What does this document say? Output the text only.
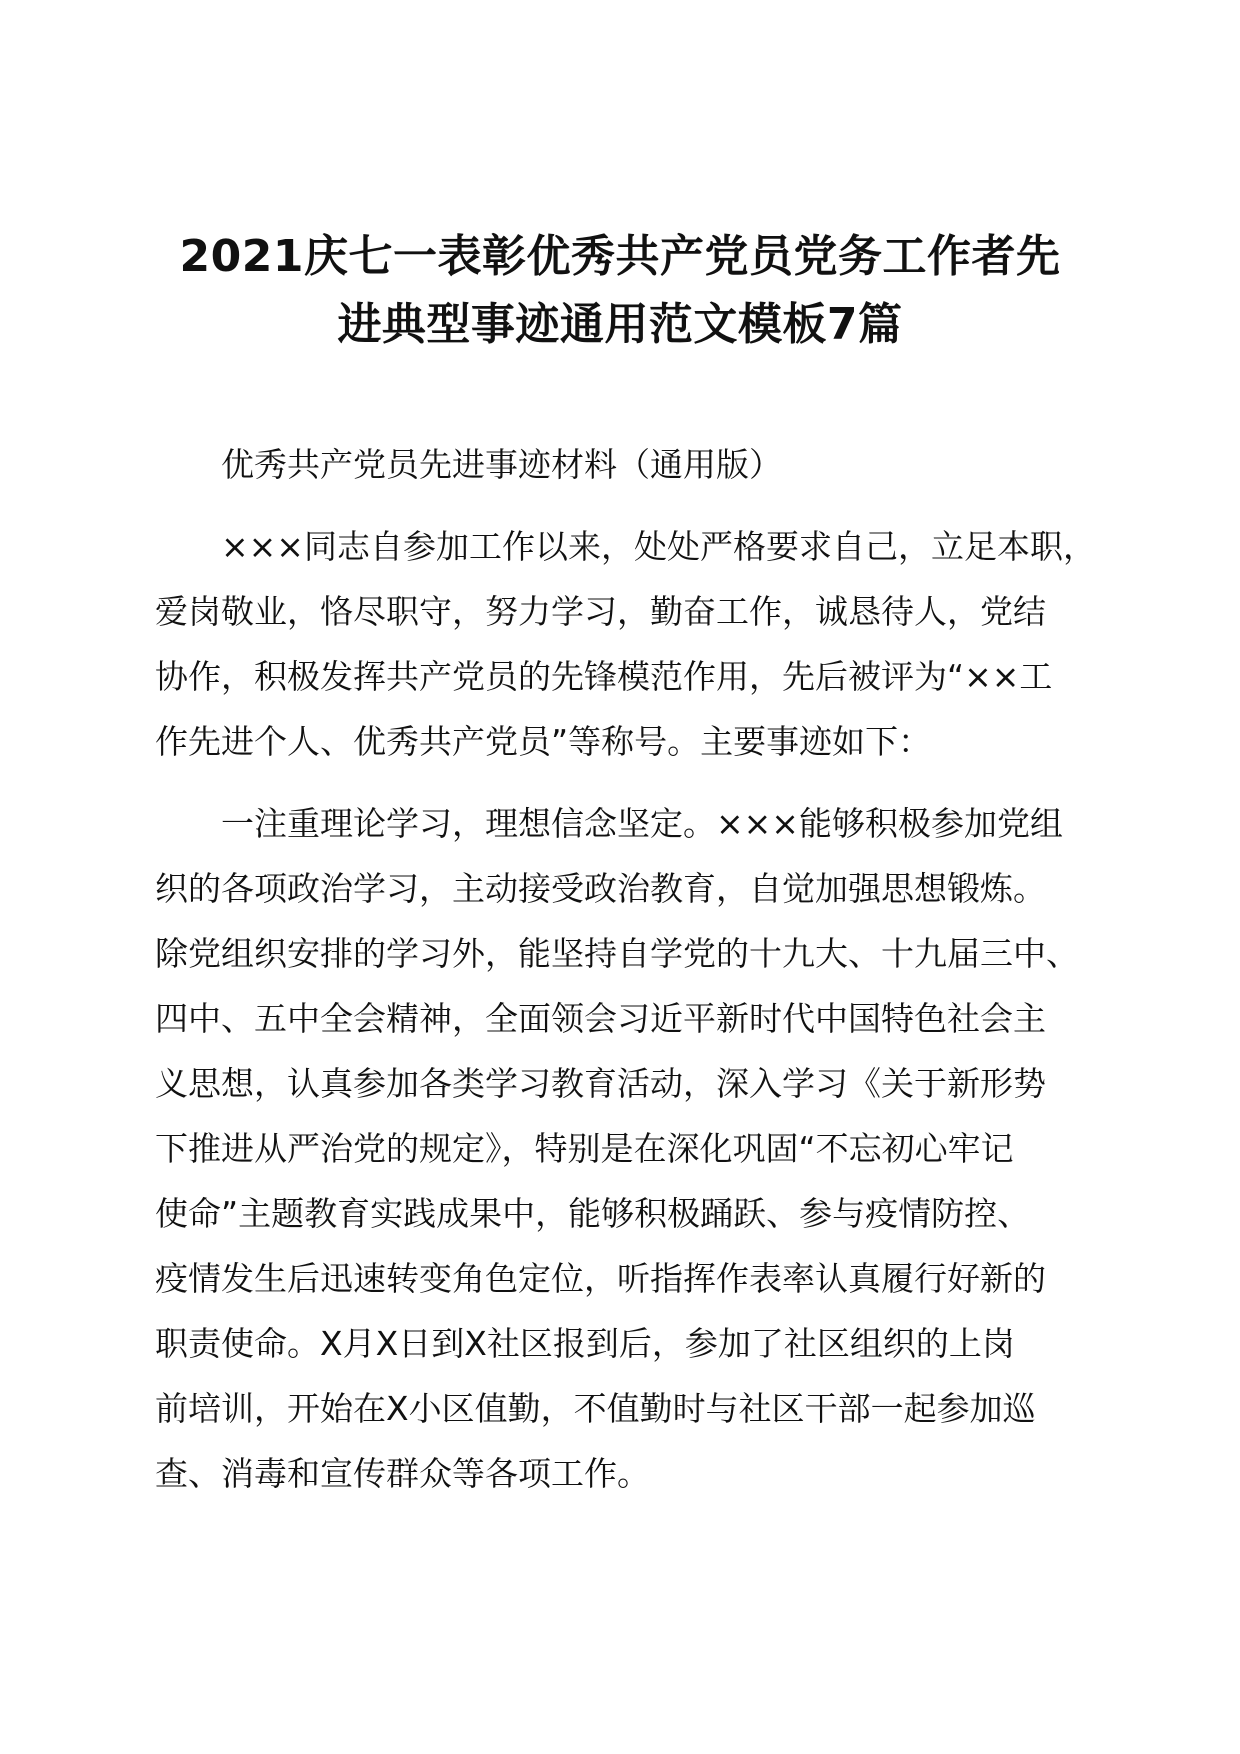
2021庆七一表彰优秀共产党员党务工作者先
进典型事迹通用范文模板7篇

优秀共产党员先进事迹材料（通用版）

×××同志自参加工作以来，处处严格要求自己，立足本职，
爱岗敬业，恪尽职守，努力学习，勤奋工作，诚恳待人，党结
协作，积极发挥共产党员的先锋模范作用，先后被评为“××工
作先进个人、优秀共产党员”等称号。主要事迹如下：

一注重理论学习，理想信念坚定。×××能够积极参加党组
织的各项政治学习，主动接受政治教育，自觉加强思想锻炼。
除党组织安排的学习外，能坚持自学党的十九大、十九届三中、
四中、五中全会精神，全面领会习近平新时代中国特色社会主
义思想，认真参加各类学习教育活动，深入学习《关于新形势
下推进从严治党的规定》，特别是在深化巩固“不忘初心牢记
使命”主题教育实践成果中，能够积极踊跃、参与疫情防控、
疫情发生后迅速转变角色定位，听指挥作表率认真履行好新的
职责使命。X月X日到X社区报到后，参加了社区组织的上岗
前培训，开始在X小区值勤，不值勤时与社区干部一起参加巡
查、消毒和宣传群众等各项工作。
